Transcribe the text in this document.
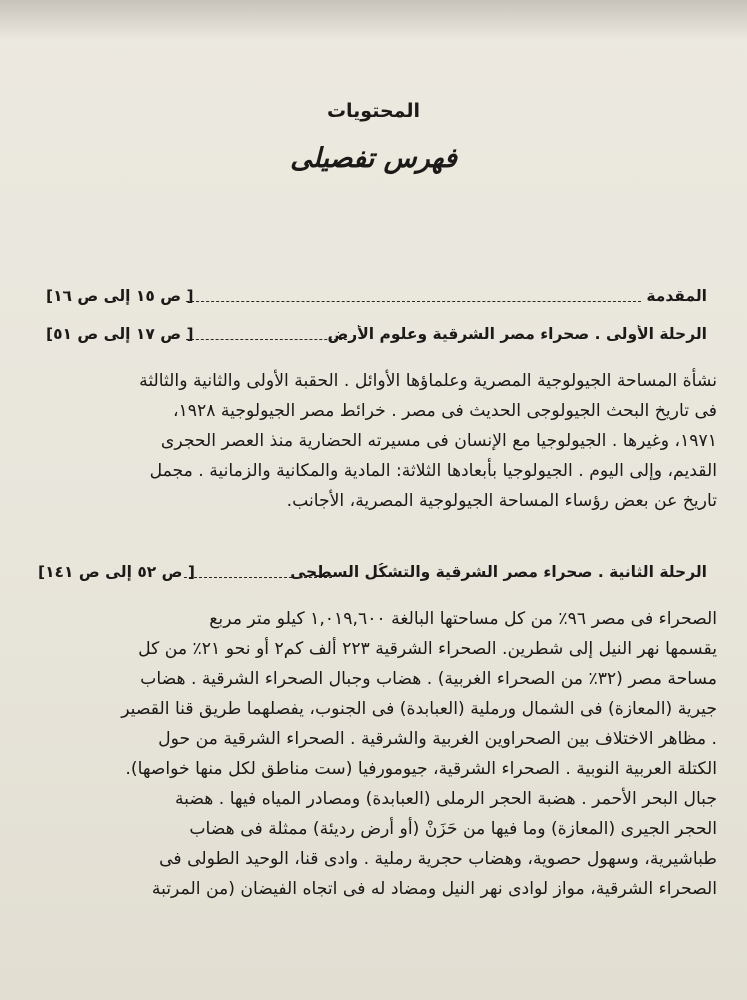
المحتويات
فهرس تفصيلى
المقدمة
[ ص ١٥ إلى ص ١٦]
الرحلة الأولى . صحراء مصر الشرقية وعلوم الأرض
[ ص ١٧ إلى ص ٥١]
نشأة المساحة الجيولوجية المصرية وعلماؤها الأوائل . الحقبة الأولى والثانية والثالثة
فى تاريخ البحث الجيولوجى الحديث فى مصر . خرائط مصر الجيولوجية ١٩٢٨،
١٩٧١، وغيرها . الجيولوجيا مع الإنسان فى مسيرته الحضارية منذ العصر الحجرى
القديم، وإلى اليوم . الجيولوجيا بأبعادها الثلاثة: المادية والمكانية والزمانية . مجمل
تاريخ عن بعض رؤساء المساحة الجيولوجية المصرية، الأجانب.
الرحلة الثانية . صحراء مصر الشرقية والتشكُل السطحى
[ ص ٥٢ إلى ص ١٤١]
الصحراء فى مصر ٩٦٪ من كل مساحتها البالغة ١,٠١٩,٦٠٠ كيلو متر مربع
يقسمها نهر النيل إلى شطرين. الصحراء الشرقية ٢٢٣ ألف كم٢ أو نحو ٢١٪ من كل
مساحة مصر (٣٢٪ من الصحراء الغربية) . هضاب وجبال الصحراء الشرقية . هضاب
جيرية (المعازة) فى الشمال ورملية (العبابدة) فى الجنوب، يفصلهما طريق قنا القصير
. مظاهر الاختلاف بين الصحراوين الغربية والشرقية . الصحراء الشرقية من حول
الكتلة العربية النوبية . الصحراء الشرقية، جيومورفيا (ست مناطق لكل منها خواصها).
جبال البحر الأحمر . هضبة الحجر الرملى (العبابدة) ومصادر المياه فيها . هضبة
الحجر الجيرى (المعازة) وما فيها من حَزَنْ (أو أرض رديئة) ممثلة فى هضاب
طباشيرية، وسهول حصوية، وهضاب حجرية رملية . وادى قنا، الوحيد الطولى فى
الصحراء الشرقية، مواز لوادى نهر النيل ومضاد له فى اتجاه الفيضان (من المرتبة
